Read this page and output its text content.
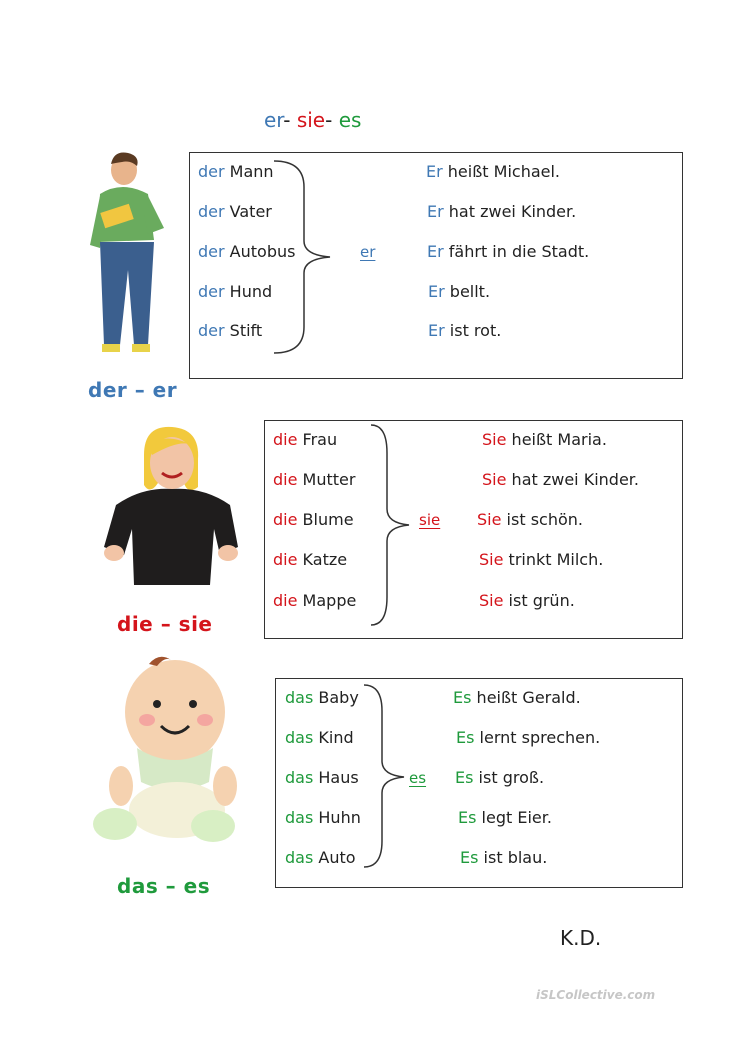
er- sie- es
der – er
der Mann
der Vater
der Autobus
der Hund
der Stift
er
Er heißt Michael.
Er hat zwei Kinder.
Er fährt in die Stadt.
Er bellt.
Er ist rot.
die – sie
die Frau
die Mutter
die Blume
die Katze
die Mappe
sie
Sie heißt Maria.
Sie hat zwei Kinder.
Sie ist schön.
Sie trinkt Milch.
Sie ist grün.
das – es
das Baby
das Kind
das Haus
das Huhn
das Auto
es
Es heißt Gerald.
Es lernt sprechen.
Es ist groß.
Es legt Eier.
Es ist blau.
K.D.
iSLCollective.com
